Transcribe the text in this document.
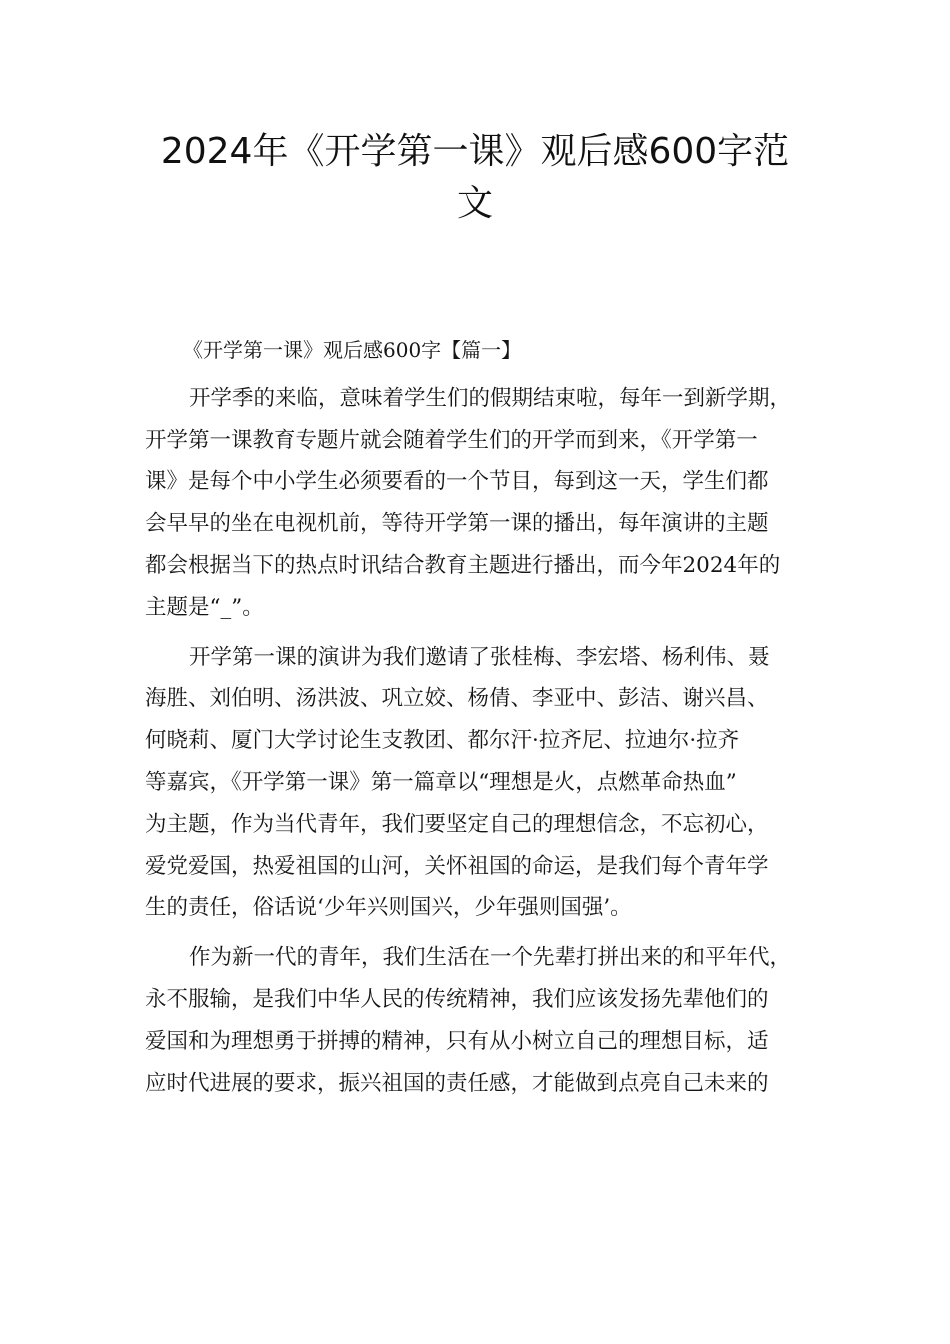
2024年《开学第一课》观后感600字范
文

《开学第一课》观后感600字【篇一】

开学季的来临，意味着学生们的假期结束啦，每年一到新学期，
开学第一课教育专题片就会随着学生们的开学而到来，《开学第一
课》是每个中小学生必须要看的一个节目，每到这一天，学生们都
会早早的坐在电视机前，等待开学第一课的播出，每年演讲的主题
都会根据当下的热点时讯结合教育主题进行播出，而今年2024年的
主题是“_”。

开学第一课的演讲为我们邀请了张桂梅、李宏塔、杨利伟、聂
海胜、刘伯明、汤洪波、巩立姣、杨倩、李亚中、彭洁、谢兴昌、
何晓莉、厦门大学讨论生支教团、都尔汗·拉齐尼、拉迪尔·拉齐
等嘉宾，《开学第一课》第一篇章以“理想是火，点燃革命热血”
为主题，作为当代青年，我们要坚定自己的理想信念，不忘初心，
爱党爱国，热爱祖国的山河，关怀祖国的命运，是我们每个青年学
生的责任，俗话说‘少年兴则国兴，少年强则国强’。

作为新一代的青年，我们生活在一个先辈打拼出来的和平年代，
永不服输，是我们中华人民的传统精神，我们应该发扬先辈他们的
爱国和为理想勇于拼搏的精神，只有从小树立自己的理想目标，适
应时代进展的要求，振兴祖国的责任感，才能做到点亮自己未来的
